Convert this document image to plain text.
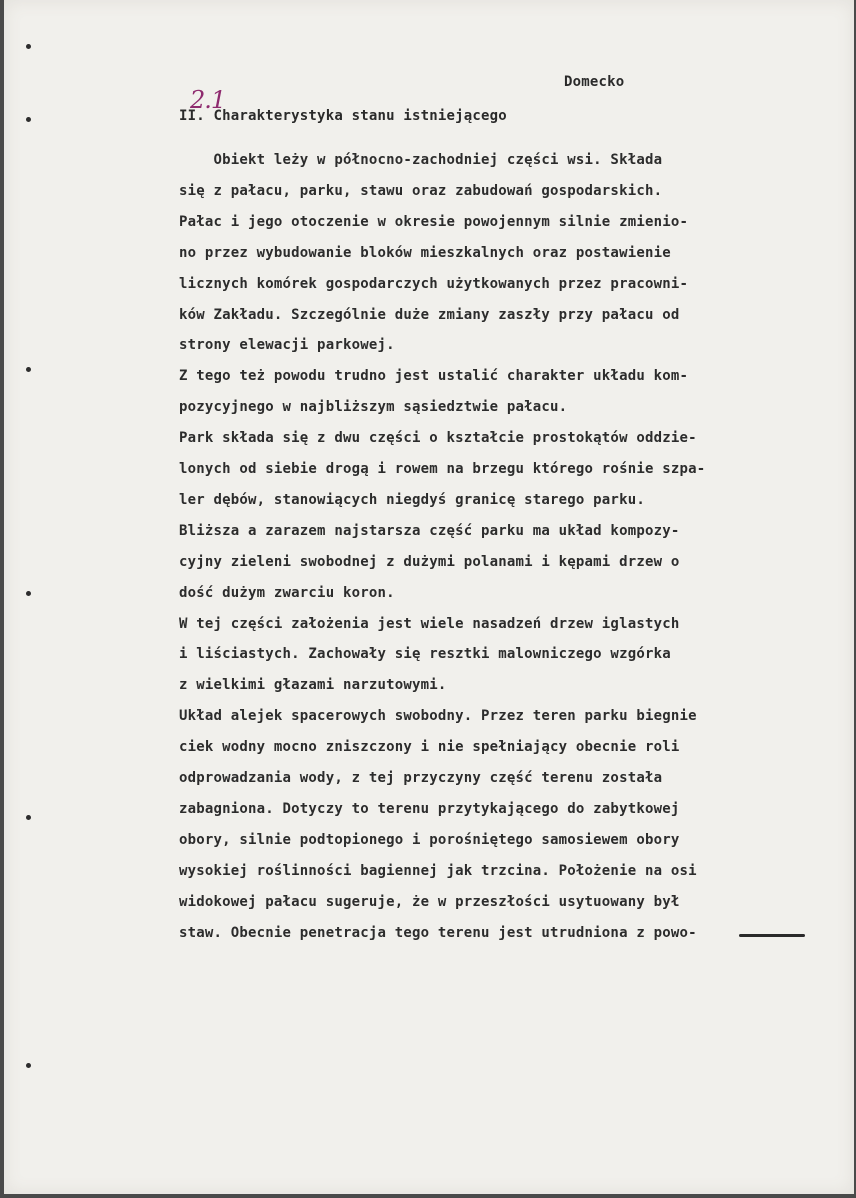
Domecko
2.1
II. Charakterystyka stanu istniejącego
Obiekt leży w północno-zachodniej części wsi. Składa
się z pałacu, parku, stawu oraz zabudowań gospodarskich.
Pałac i jego otoczenie w okresie powojennym silnie zmienio-
no przez wybudowanie bloków mieszkalnych oraz postawienie
licznych komórek gospodarczych użytkowanych przez pracowni-
ków Zakładu. Szczególnie duże zmiany zaszły przy pałacu od
strony elewacji parkowej.
Z tego też powodu trudno jest ustalić charakter układu kom-
pozycyjnego w najbliższym sąsiedztwie pałacu.
Park składa się z dwu części o kształcie prostokątów oddzie-
lonych od siebie drogą i rowem na brzegu którego rośnie szpa-
ler dębów, stanowiących niegdyś granicę starego parku.
Bliższa a zarazem najstarsza część parku ma układ kompozy-
cyjny zieleni swobodnej z dużymi polanami i kępami drzew o
dość dużym zwarciu koron.
W tej części założenia jest wiele nasadzeń drzew iglastych
i liściastych. Zachowały się resztki malowniczego wzgórka
z wielkimi głazami narzutowymi.
Układ alejek spacerowych swobodny. Przez teren parku biegnie
ciek wodny mocno zniszczony i nie spełniający obecnie roli
odprowadzania wody, z tej przyczyny część terenu została
zabagniona. Dotyczy to terenu przytykającego do zabytkowej
obory, silnie podtopionego i porośniętego samosiewem obory
wysokiej roślinności bagiennej jak trzcina. Położenie na osi
widokowej pałacu sugeruje, że w przeszłości usytuowany był
staw. Obecnie penetracja tego terenu jest utrudniona z powo-
